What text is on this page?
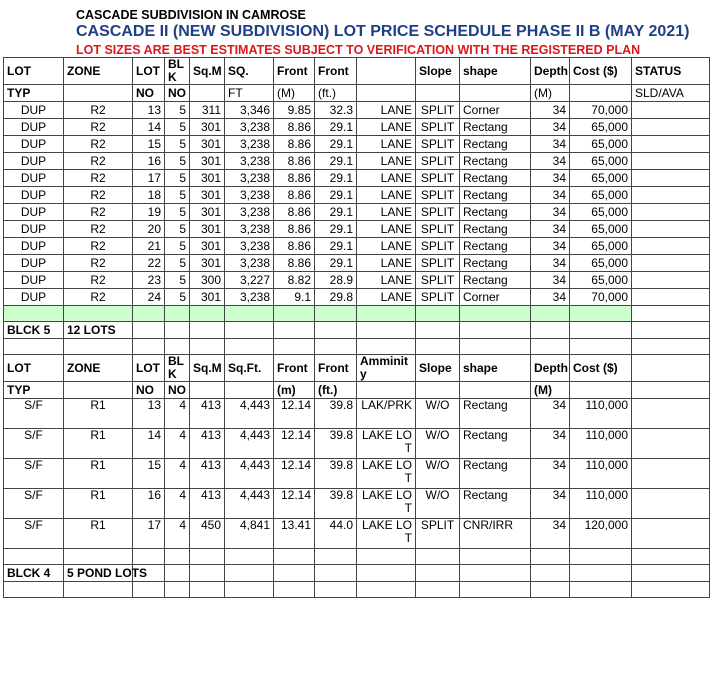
CASCADE SUBDIVISION IN CAMROSE
CASCADE II (NEW SUBDIVISION) LOT PRICE SCHEDULE PHASE II B (MAY 2021)
LOT SIZES ARE BEST ESTIMATES SUBJECT TO VERIFICATION WITH THE REGISTERED PLAN
LOT	ZONE	LOT	BLK	Sq.M	SQ.	Front	Front		Slope	shape	Depth	Cost ($)	STATUS
TYP		NO	NO		FT	(M)	(ft.)				(M)		SLD/AVA
DUP	R2	13	5	311	3,346	9.85	32.3	LANE	SPLIT	Corner	34	70,000	
DUP	R2	14	5	301	3,238	8.86	29.1	LANE	SPLIT	Rectang	34	65,000	
DUP	R2	15	5	301	3,238	8.86	29.1	LANE	SPLIT	Rectang	34	65,000	
DUP	R2	16	5	301	3,238	8.86	29.1	LANE	SPLIT	Rectang	34	65,000	
DUP	R2	17	5	301	3,238	8.86	29.1	LANE	SPLIT	Rectang	34	65,000	
DUP	R2	18	5	301	3,238	8.86	29.1	LANE	SPLIT	Rectang	34	65,000	
DUP	R2	19	5	301	3,238	8.86	29.1	LANE	SPLIT	Rectang	34	65,000	
DUP	R2	20	5	301	3,238	8.86	29.1	LANE	SPLIT	Rectang	34	65,000	
DUP	R2	21	5	301	3,238	8.86	29.1	LANE	SPLIT	Rectang	34	65,000	
DUP	R2	22	5	301	3,238	8.86	29.1	LANE	SPLIT	Rectang	34	65,000	
DUP	R2	23	5	300	3,227	8.82	28.9	LANE	SPLIT	Rectang	34	65,000	
DUP	R2	24	5	301	3,238	9.1	29.8	LANE	SPLIT	Corner	34	70,000	

BLCK 5	12 LOTS												

LOT	ZONE	LOT	BLK	Sq.M	Sq.Ft.	Front	Front	Amminity	Slope	shape	Depth	Cost ($)	
TYP		NO	NO			(m)	(ft.)				(M)		
S/F	R1	13	4	413	4,443	12.14	39.8	LAK/PRK	W/O	Rectang	34	110,000	
S/F	R1	14	4	413	4,443	12.14	39.8	LAKE LOT	W/O	Rectang	34	110,000	
S/F	R1	15	4	413	4,443	12.14	39.8	LAKE LOT	W/O	Rectang	34	110,000	
S/F	R1	16	4	413	4,443	12.14	39.8	LAKE LOT	W/O	Rectang	34	110,000	
S/F	R1	17	4	450	4,841	13.41	44.0	LAKE LOT	SPLIT	CNR/IRR	34	120,000	

BLCK 4	5 POND LOTS												
